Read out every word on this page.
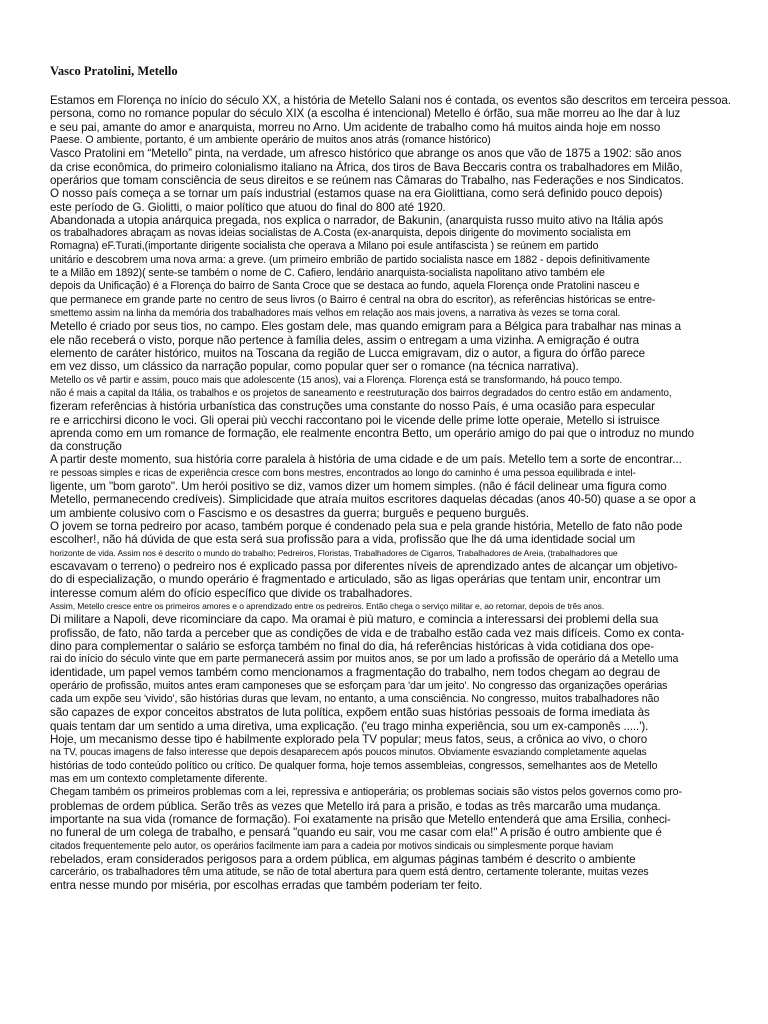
Vasco Pratolini, Metello

Estamos em Florença no início do século XX, a história de Metello Salani nos é contada, os eventos são descritos em terceira pessoa.
persona, como no romance popular do século XIX (a escolha é intencional) Metello é órfão, sua mãe morreu ao lhe dar à luz
e seu pai, amante do amor e anarquista, morreu no Arno. Um acidente de trabalho como há muitos ainda hoje em nosso
Paese. O ambiente, portanto, é um ambiente operário de muitos anos atrás (romance histórico)
Vasco Pratolini em “Metello” pinta, na verdade, um afresco histórico que abrange os anos que vão de 1875 a 1902: são anos
da crise econômica, do primeiro colonialismo italiano na África, dos tiros de Bava Beccaris contra os trabalhadores em Milão,
operários que tomam consciência de seus direitos e se reúnem nas Câmaras do Trabalho, nas Federações e nos Sindicatos.
O nosso país começa a se tornar um país industrial (estamos quase na era Giolittiana, como será definido pouco depois)
este período de G. Giolitti, o maior político que atuou do final do 800 até 1920.
Abandonada a utopia anárquica pregada, nos explica o narrador, de Bakunin, (anarquista russo muito ativo na Itália após
os trabalhadores abraçam as novas ideias socialistas de A.Costa (ex-anarquista, depois dirigente do movimento socialista em
Romagna) eF.Turati,(importante dirigente socialista che operava a Milano poi esule antifascista ) se reúnem em partido
unitário e descobrem uma nova arma: a greve. (um primeiro embrião de partido socialista nasce em 1882 - depois definitivamente
te a Milão em 1892)( sente-se também o nome de C. Cafiero, lendário anarquista-socialista napolitano ativo também ele
depois da Unificação) é a Florença do bairro de Santa Croce que se destaca ao fundo, aquela Florença onde Pratolini nasceu e
que permanece em grande parte no centro de seus livros (o Bairro é central na obra do escritor), as referências históricas se entre-
smettemo assim na linha da memória dos trabalhadores mais velhos em relação aos mais jovens, a narrativa às vezes se torna coral.
Metello é criado por seus tios, no campo. Eles gostam dele, mas quando emigram para a Bélgica para trabalhar nas minas a
ele não receberá o visto, porque não pertence à família deles, assim o entregam a uma vizinha. A emigração é outra
elemento de caráter histórico, muitos na Toscana da região de Lucca emigravam, diz o autor, a figura do órfão parece
em vez disso, um clássico da narração popular, como popular quer ser o romance (na técnica narrativa).
Metello os vê partir e assim, pouco mais que adolescente (15 anos), vai a Florença. Florença está se transformando, há pouco tempo.
não é mais a capital da Itália, os trabalhos e os projetos de saneamento e reestruturação dos bairros degradados do centro estão em andamento,
fizeram referências à história urbanística das construções uma constante do nosso País, é uma ocasião para especular
re e arricchirsi dicono le voci. Gli operai più vecchi raccontano poi le vicende delle prime lotte operaie, Metello si istruisce
aprenda como em um romance de formação, ele realmente encontra Betto, um operário amigo do pai que o introduz no mundo
da construção
A partir deste momento, sua história corre paralela à história de uma cidade e de um país. Metello tem a sorte de encontrar...
re pessoas simples e ricas de experiência cresce com bons mestres, encontrados ao longo do caminho é uma pessoa equilibrada e intel-
ligente, um "bom garoto". Um herói positivo se diz, vamos dizer um homem simples. (não é fácil delinear uma figura como
Metello, permanecendo credíveis). Simplicidade que atraía muitos escritores daquelas décadas (anos 40-50) quase a se opor a
um ambiente colusivo com o Fascismo e os desastres da guerra; burguês e pequeno burguês.
O jovem se torna pedreiro por acaso, também porque é condenado pela sua e pela grande história, Metello de fato não pode
escolher!, não há dúvida de que esta será sua profissão para a vida, profissão que lhe dá uma identidade social um
horizonte de vida. Assim nos é descrito o mundo do trabalho; Pedreiros, Floristas, Trabalhadores de Cigarros, Trabalhadores de Areia, (trabalhadores que
escavavam o terreno) o pedreiro nos é explicado passa por diferentes níveis de aprendizado antes de alcançar um objetivo-
do di especialização, o mundo operário é fragmentado e articulado, são as ligas operárias que tentam unir, encontrar um
interesse comum além do ofício específico que divide os trabalhadores.
Assim, Metello cresce entre os primeiros amores e o aprendizado entre os pedreiros. Então chega o serviço militar e, ao retornar, depois de três anos.
Di militare a Napoli, deve ricominciare da capo. Ma oramai è più maturo, e comincia a interessarsi dei problemi della sua
profissão, de fato, não tarda a perceber que as condições de vida e de trabalho estão cada vez mais difíceis. Como ex conta-
dino para complementar o salário se esforça também no final do dia, há referências históricas à vida cotidiana dos ope-
rai do início do século vinte que em parte permanecerá assim por muitos anos, se por um lado a profissão de operário dá a Metello uma
identidade, um papel vemos também como mencionamos a fragmentação do trabalho, nem todos chegam ao degrau de
operário de profissão, muitos antes eram camponeses que se esforçam para 'dar um jeito'. No congresso das organizações operárias
cada um expõe seu 'vivido', são histórias duras que levam, no entanto, a uma consciência. No congresso, muitos trabalhadores não
são capazes de expor conceitos abstratos de luta política, expõem então suas histórias pessoais de forma imediata às
quais tentam dar um sentido a uma diretiva, uma explicação. ('eu trago minha experiência, sou um ex-camponês .....').
Hoje, um mecanismo desse tipo é habilmente explorado pela TV popular; meus fatos, seus, a crônica ao vivo, o choro
na TV, poucas imagens de falso interesse que depois desaparecem após poucos minutos. Obviamente esvaziando completamente aquelas
histórias de todo conteúdo político ou crítico. De qualquer forma, hoje temos assembleias, congressos, semelhantes aos de Metello
mas em um contexto completamente diferente.
Chegam também os primeiros problemas com a lei, repressiva e antioperária; os problemas sociais são vistos pelos governos como pro-
problemas de ordem pública. Serão três as vezes que Metello irá para a prisão, e todas as três marcarão uma mudança.
importante na sua vida (romance de formação). Foi exatamente na prisão que Metello entenderá que ama Ersilia, conheci-
no funeral de um colega de trabalho, e pensará "quando eu sair, vou me casar com ela!" A prisão é outro ambiente que é
citados frequentemente pelo autor, os operários facilmente iam para a cadeia por motivos sindicais ou simplesmente porque haviam
rebelados, eram considerados perigosos para a ordem pública, em algumas páginas também é descrito o ambiente
carcerário, os trabalhadores têm uma atitude, se não de total abertura para quem está dentro, certamente tolerante, muitas vezes
entra nesse mundo por miséria, por escolhas erradas que também poderiam ter feito.
